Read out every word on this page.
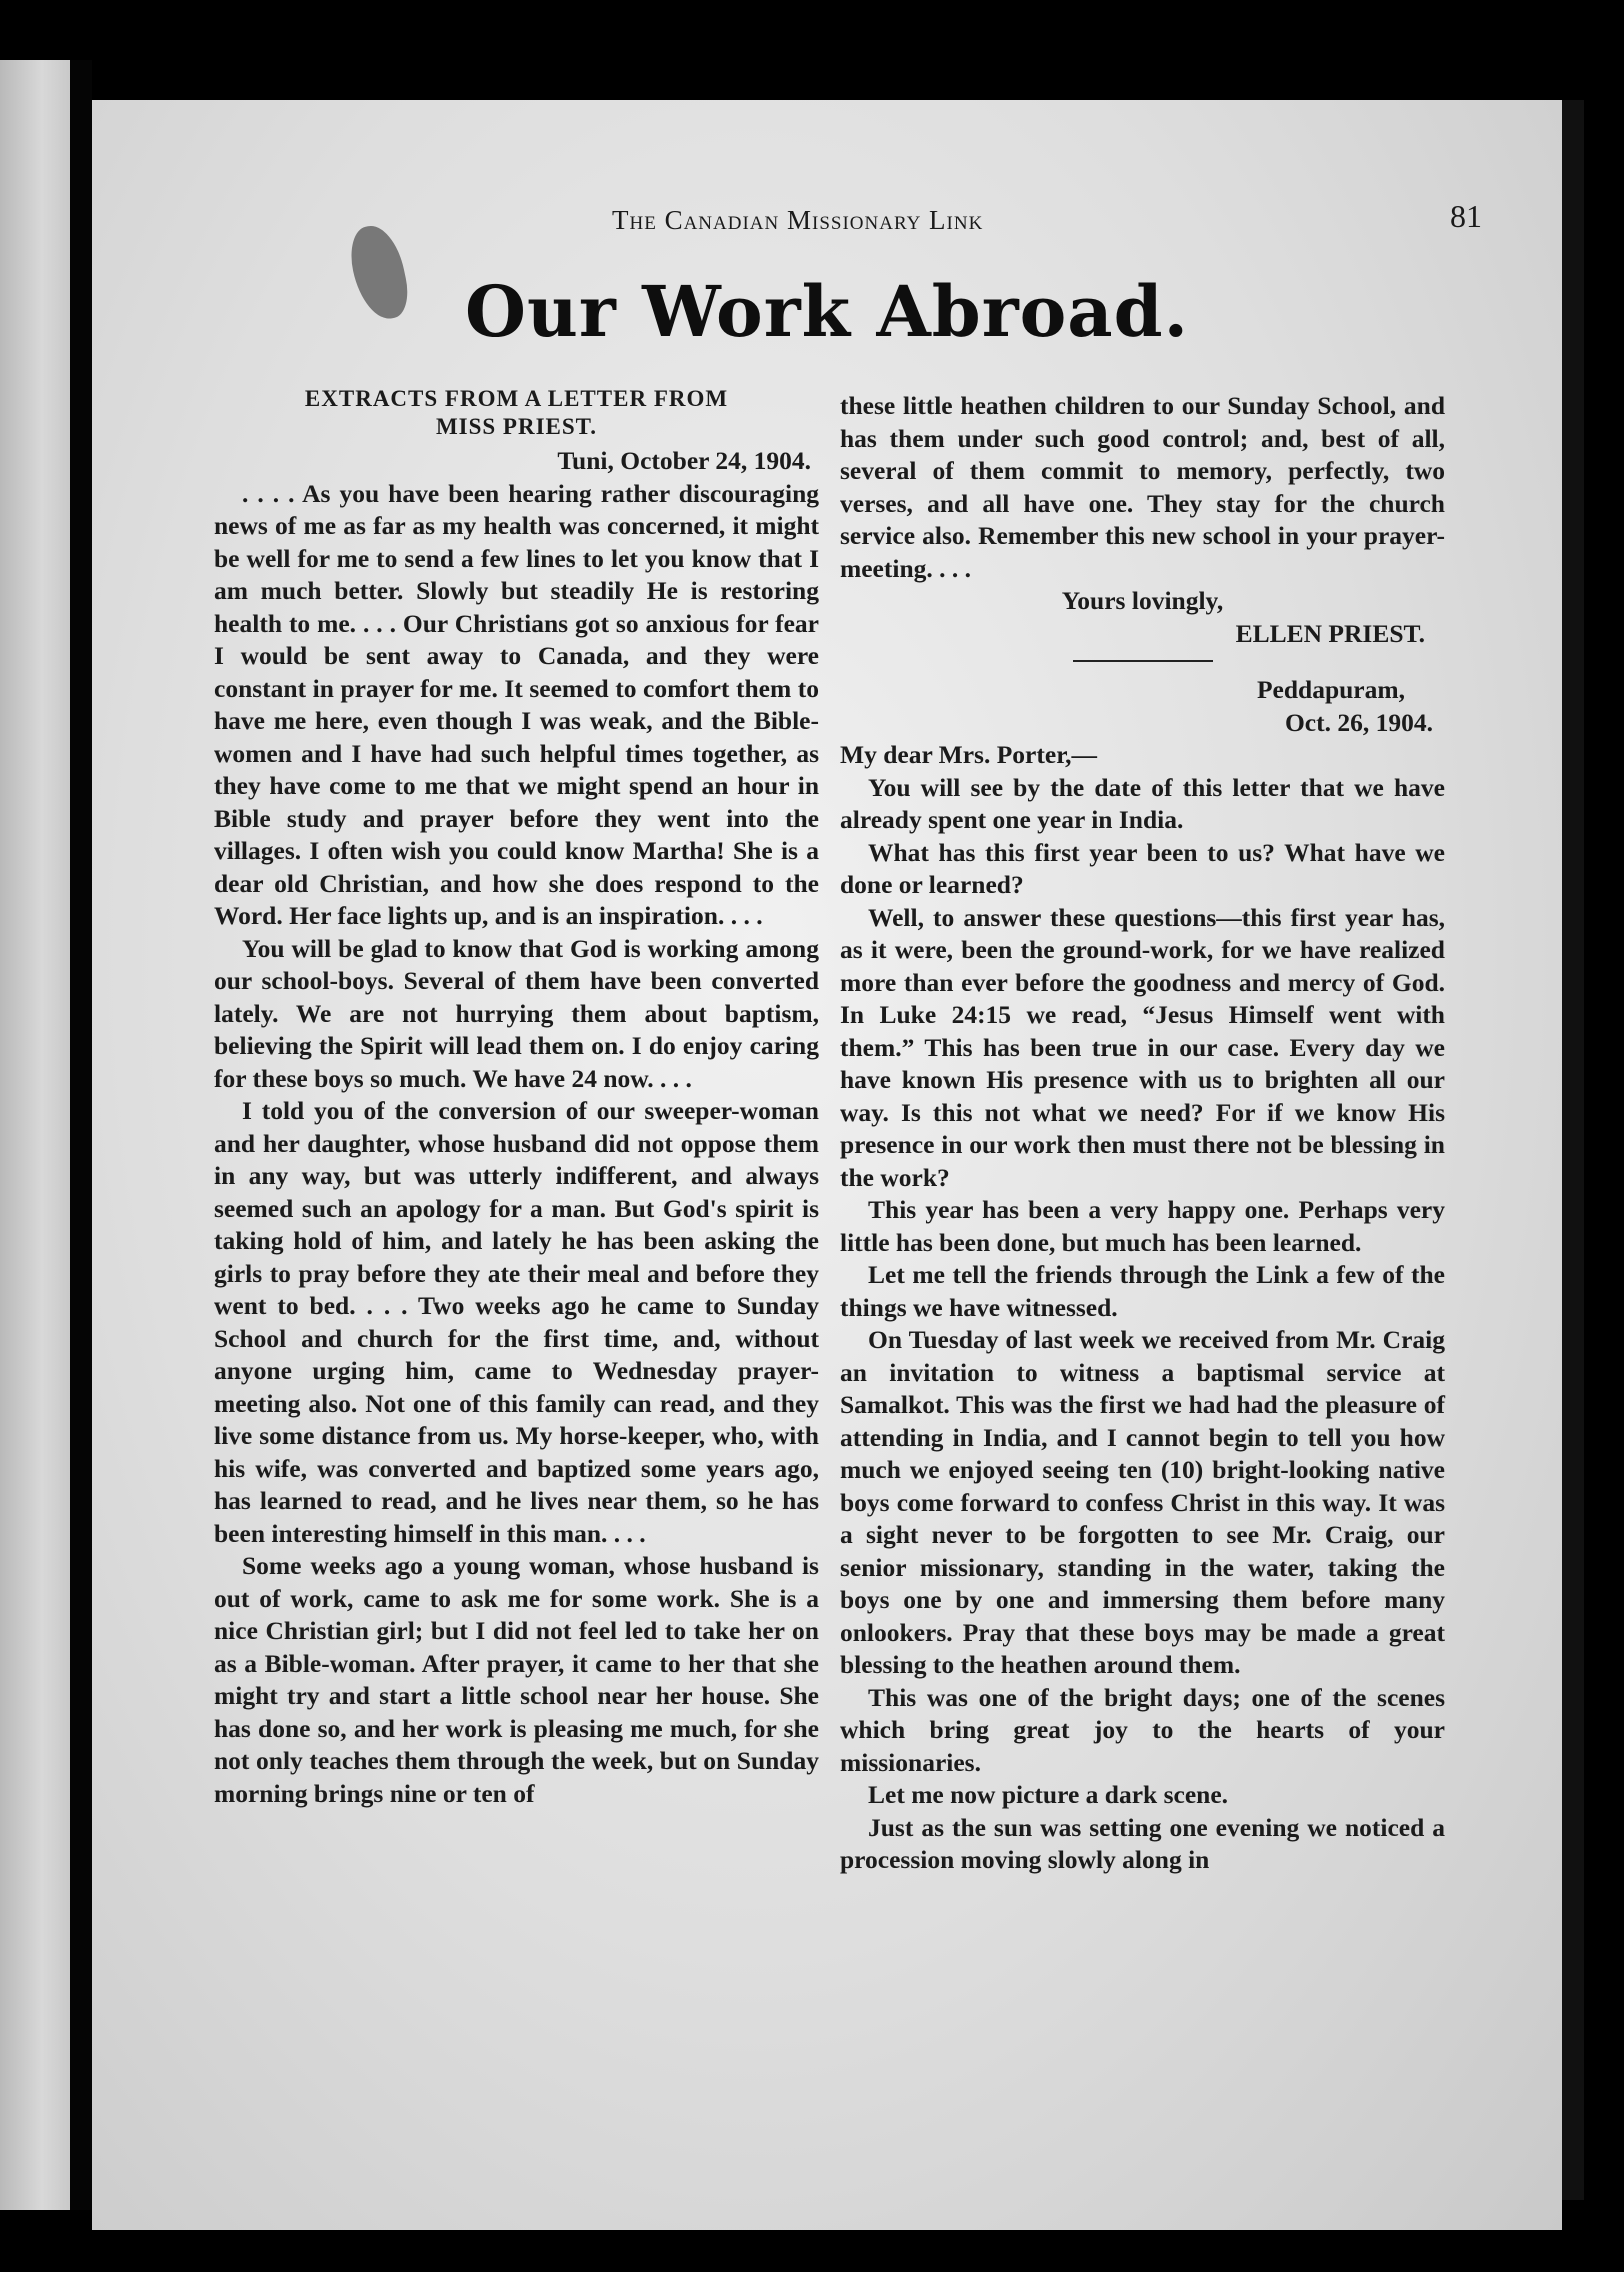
The Canadian Missionary Link	81
Our Work Abroad.
EXTRACTS FROM A LETTER FROM
MISS PRIEST.
Tuni, October 24, 1904.

. . . . As you have been hearing rather discouraging news of me as far as my health was concerned, it might be well for me to send a few lines to let you know that I am much better. Slowly but steadily He is restoring health to me. . . . Our Christians got so anxious for fear I would be sent away to Canada, and they were constant in prayer for me. It seemed to comfort them to have me here, even though I was weak, and the Bible-women and I have had such helpful times together, as they have come to me that we might spend an hour in Bible study and prayer before they went into the villages. I often wish you could know Martha! She is a dear old Christian, and how she does respond to the Word. Her face lights up, and is an inspiration. . . .

You will be glad to know that God is working among our school-boys. Several of them have been converted lately. We are not hurrying them about baptism, believing the Spirit will lead them on. I do enjoy caring for these boys so much. We have 24 now. . . .

I told you of the conversion of our sweeper-woman and her daughter, whose husband did not oppose them in any way, but was utterly indifferent, and always seemed such an apology for a man. But God's spirit is taking hold of him, and lately he has been asking the girls to pray before they ate their meal and before they went to bed. . . . Two weeks ago he came to Sunday School and church for the first time, and, without anyone urging him, came to Wednesday prayer-meeting also. Not one of this family can read, and they live some distance from us. My horse-keeper, who, with his wife, was converted and baptized some years ago, has learned to read, and he lives near them, so he has been interesting himself in this man. . . .

Some weeks ago a young woman, whose husband is out of work, came to ask me for some work. She is a nice Christian girl; but I did not feel led to take her on as a Bible-woman. After prayer, it came to her that she might try and start a little school near her house. She has done so, and her work is pleasing me much, for she not only teaches them through the week, but on Sunday morning brings nine or ten of

these little heathen children to our Sunday School, and has them under such good control; and, best of all, several of them commit to memory, perfectly, two verses, and all have one. They stay for the church service also. Remember this new school in your prayer-meeting. . . .

Yours lovingly,
ELLEN PRIEST.
Peddapuram,
Oct. 26, 1904.

My dear Mrs. Porter,—

You will see by the date of this letter that we have already spent one year in India.

What has this first year been to us? What have we done or learned?

Well, to answer these questions—this first year has, as it were, been the ground-work, for we have realized more than ever before the goodness and mercy of God. In Luke 24:15 we read, “Jesus Himself went with them.” This has been true in our case. Every day we have known His presence with us to brighten all our way. Is this not what we need? For if we know His presence in our work then must there not be blessing in the work?

This year has been a very happy one. Perhaps very little has been done, but much has been learned.

Let me tell the friends through the Link a few of the things we have witnessed.

On Tuesday of last week we received from Mr. Craig an invitation to witness a baptismal service at Samalkot. This was the first we had had the pleasure of attending in India, and I cannot begin to tell you how much we enjoyed seeing ten (10) bright-looking native boys come forward to confess Christ in this way. It was a sight never to be forgotten to see Mr. Craig, our senior missionary, standing in the water, taking the boys one by one and immersing them before many onlookers. Pray that these boys may be made a great blessing to the heathen around them.

This was one of the bright days; one of the scenes which bring great joy to the hearts of your missionaries.

Let me now picture a dark scene.

Just as the sun was setting one evening we noticed a procession moving slowly along in
